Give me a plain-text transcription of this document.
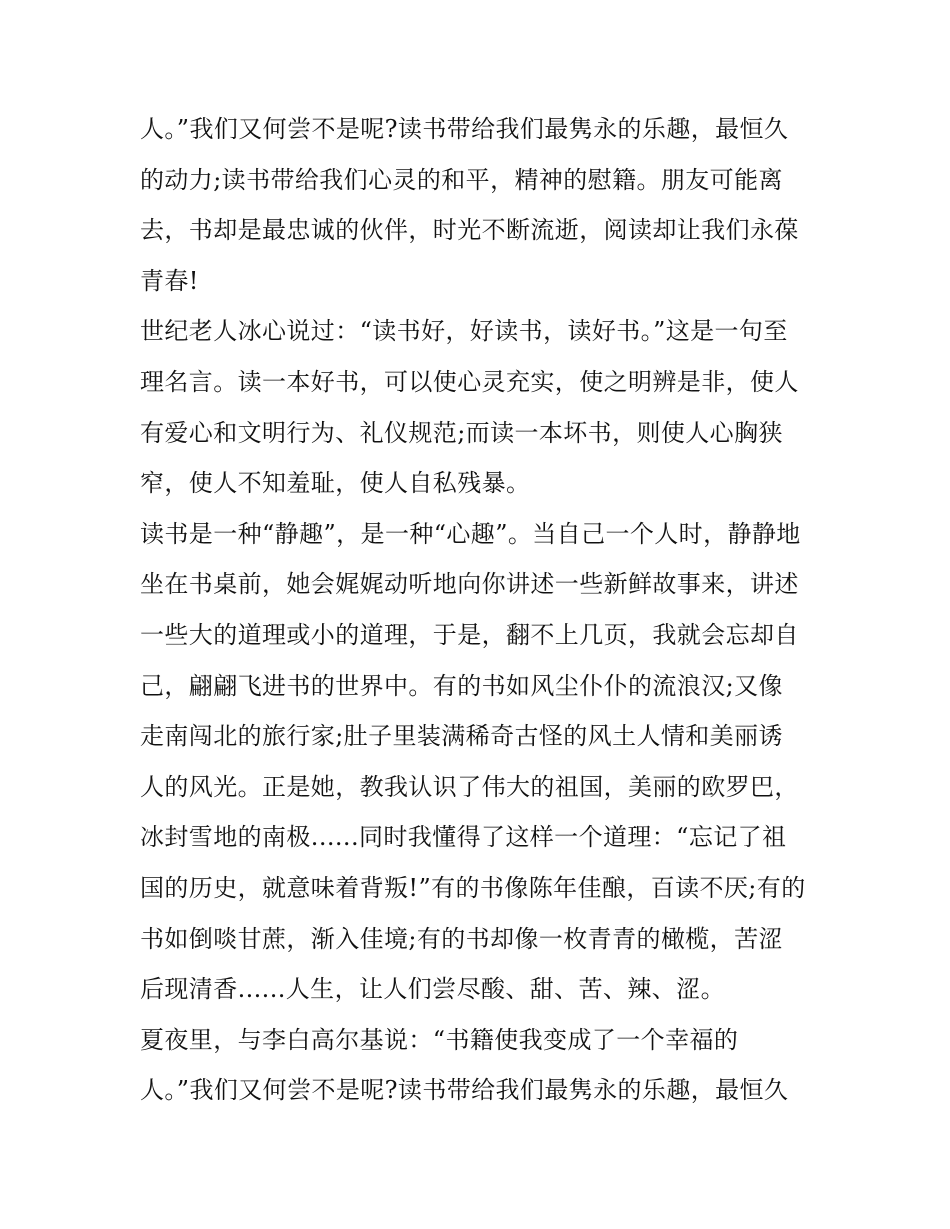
人。”我们又何尝不是呢?读书带给我们最隽永的乐趣，最恒久
的动力;读书带给我们心灵的和平，精神的慰籍。朋友可能离
去，书却是最忠诚的伙伴，时光不断流逝，阅读却让我们永葆
青春!
世纪老人冰心说过：“读书好，好读书，读好书。”这是一句至
理名言。读一本好书，可以使心灵充实，使之明辨是非，使人
有爱心和文明行为、礼仪规范;而读一本坏书，则使人心胸狭
窄，使人不知羞耻，使人自私残暴。
读书是一种“静趣”，是一种“心趣”。当自己一个人时，静静地
坐在书桌前，她会娓娓动听地向你讲述一些新鲜故事来，讲述
一些大的道理或小的道理，于是，翻不上几页，我就会忘却自
己，翩翩飞进书的世界中。有的书如风尘仆仆的流浪汉;又像
走南闯北的旅行家;肚子里装满稀奇古怪的风土人情和美丽诱
人的风光。正是她，教我认识了伟大的祖国，美丽的欧罗巴，
冰封雪地的南极......同时我懂得了这样一个道理：“忘记了祖
国的历史，就意味着背叛!”有的书像陈年佳酿，百读不厌;有的
书如倒啖甘蔗，渐入佳境;有的书却像一枚青青的橄榄，苦涩
后现清香......人生，让人们尝尽酸、甜、苦、辣、涩。
夏夜里，与李白高尔基说：“书籍使我变成了一个幸福的
人。”我们又何尝不是呢?读书带给我们最隽永的乐趣，最恒久
